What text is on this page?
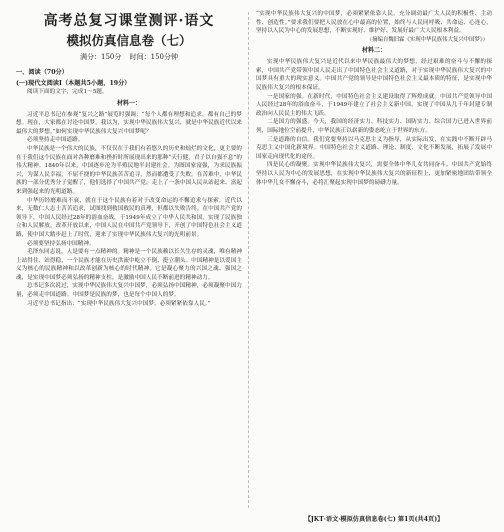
高考总复习课堂测评·语文
模拟仿真信息卷（七）
满分：150分 时间：150分钟
一、阅读（70分）
(一)现代文阅读Ⅰ（本题共5小题，19分）
阅读下面的文字，完成1～5题。
材料一：
习近平总书记在参观“复兴之路”展览时强调：“每个人都有理想和追求，都有自己的梦想。现在，大家都在讨论中国梦，我以为，实现中华民族伟大复兴，就是中华民族近代以来最伟大的梦想。”如何实现中华民族伟大复兴中国梦呢？
必须坚持走中国道路。
中华民族是一个伟大的民族，不仅仅在于我们有着悠久的历史和灿烂的文化，更主要的在于我们这个民族在面对各种磨难和挫折时所展现出来的那种“天行健，君子以自强不息”的伟大精神。1840年以来，中国逐步沦为半殖民地半封建社会。为图国家富强，为求民族振兴，为谋人民幸福，不屈不挠的中华民族苦苦追寻，然而都遭受了失败。在苦难中，中华民族的一部分优秀分子觉醒了，他们选择了中国共产党，走上了一条中国人民从站起来、富起来到强起来的光明道路。
中华历经磨难而不衰，就在于这个民族有着对于改变命运的不懈追求与探索。近代以来，无数仁人志士苦苦追求，试图找到救国救民的真理，但都以失败告终。在中国共产党的领导下，中国人民经过28年的浴血奋战，于1949年成立了中华人民共和国，实现了民族独立和人民解放。改革开放以来，中国人民在中国共产党领导下，开创了中国特色社会主义道路，使中国大踏步赶上了时代，迎来了实现中华民族伟大复兴的光明前景。
必须要坚持弘扬中国精神。
毛泽东同志说，人是要有一点精神的。精神是一个民族赖以长久生存的灵魂，唯有精神上站得住、站得稳，一个民族才能在历史洪流中屹立不倒、挺立潮头。中国精神是以爱国主义为核心的民族精神和以改革创新为核心的时代精神。它是凝心聚力的兴国之魂、强国之魂，是实现中国梦必须弘扬的精神支柱，是激励中国人民不断前进的精神动力。
总书记多次说过，实现中华民族伟大复兴中国梦，必须弘扬中国精神，必须凝聚中国力量，必须走中国道路。中国梦是民族的梦，也是每个中国人的梦。
习近平总书记指出：“实现中华民族伟大复兴中国梦，必须紧紧依靠人民。”
“实现中华民族伟大复兴的中国梦，必须紧紧依靠人民，充分调动最广大人民的积极性、主动性、创造性。”要求我们要把人民放在心中最高的位置，始终与人民同呼吸、共命运、心连心，坚持以人民为中心的发展思想，不断实现好、维护好、发展好最广大人民根本利益。
（摘编自魏旧霖《实现中华民族伟大复兴中国梦》）
材料二：
实现中华民族伟大复兴是近代以来中华民族最伟大的梦想，经过艰难的奋斗与不懈的探索，中国共产党带领中国人民走出了中国特色社会主义道路，对于实现中华民族伟大复兴的中国梦具有重大的现实意义。中国共产党的领导是中国特色社会主义最本质的特征，是实现中华民族伟大复兴的根本保证。
一是国家的强。在新时代，中国特色社会主义建设取得了辉煌成就。中国共产党领导中国人民经过28年的浴血奋斗，于1949年建立了社会主义新中国，实现了中国从几千年封建专制政治向人民民主的伟大飞跃。
二是国力的强盛。今天，我国的经济实力、科技实力、国防实力、综合国力已进入世界前列，国际地位空前提升，中华民族正以崭新的姿态屹立于世界的东方。
三是道路的自信。我们党要坚持以马克思主义为指导，从实际出发，在实践中不断开辟马克思主义中国化新境界。中国特色社会主义道路、理论、制度、文化不断发展，拓展了发展中国家走向现代化的途径。
四是民心的凝聚。实现中华民族伟大复兴，需要全体中华儿女共同奋斗。中国共产党始终坚持以人民为中心的发展思想，在实现中华民族伟大复兴的新征程上，更加紧密地团结带领全体中华儿女不懈奋斗，必将汇聚起实现中国梦的磅礴力量。
【JKT·语文·模拟仿真信息卷(七) 第1页(共4页)】
